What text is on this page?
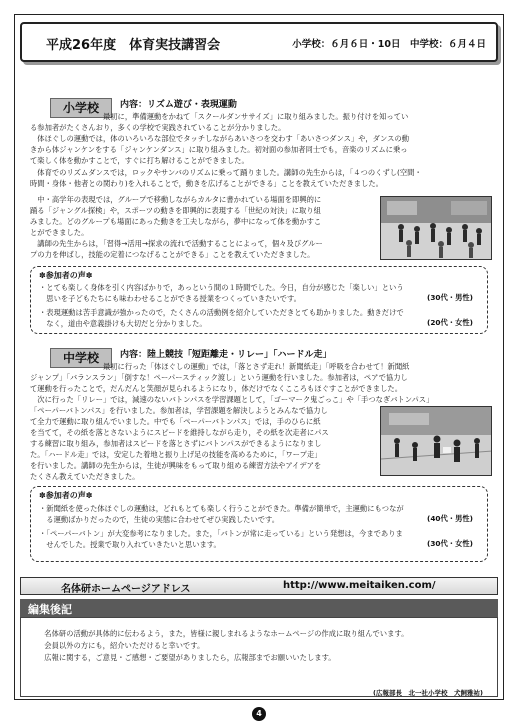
平成26年度　体育実技講習会	小学校：６月６日・10日　中学校：６月４日
小学校	内容：リズム遊び・表現運動
　　　　　　　　　　最初に，準備運動をかねて「スクールダンササイズ」に取り組みました。振り付けを知ってい
る参加者がたくさんおり，多くの学校で実践されていることが分かりました。
　体ほぐしの運動では，体のいろいろな部位でタッチしながらあいさつを交わす「あいさつダンス」や，ダンスの動
きから体ジャンケンをする「ジャンケンダンス」に取り組みました。初対面の参加者同士でも，音楽のリズムに乗っ
て楽しく体を動かすことで，すぐに打ち解けることができました。
　体育でのリズムダンスでは，ロックやサンバのリズムに乗って踊りました。講師の先生からは，「４つのくずし(空間・
時間・身体・他者との関わり)を入れることで，動きを広げることができる」ことを教えていただきました。
　中・高学年の表現では，グループで移動しながらカルタに書かれている場面を即興的に
踊る「ジャングル探検」や，スポーツの動きを即興的に表現する「世紀の対決」に取り組
みました。どのグループも場面にあった動きを工夫しながら，夢中になって体を動かすこ
とができました。
　講師の先生からは，「習得→活用→探求の流れで活動することによって，個々及びグルー
プの力を伸ばし，技能の定着につなげることができる」ことを教えていただきました。
✽参加者の声✽
・とても楽しく身体を引く内容ばかりで，あっという間の１時間でした。今日，自分が感じた「楽しい」という
　思いを子どもたちにも味わわせることができる授業をつくっていきたいです。	(30代・男性)
・表現運動は苦手意識が強かったので，たくさんの活動例を紹介していただきとても助かりました。動きだけで
　なく，道由や意義掛けも大切だと分かりました。	(20代・女性)
中学校	内容：陸上競技「短距離走・リレー」「ハードル走」
　　　　　　　　　　最初に行った「体ほぐしの運動」では，「落とさず走れ！新聞紙走」「呼吸を合わせて！新聞紙
ジャンプ」「バランスラン」「倒すな！ペーパースティック渡し」という運動を行いました。参加者は，ペアで協力し
て運動を行ったことで，だんだんと笑顔が見られるようになり，体だけでなくこころもほぐすことができました。
　次に行った「リレー」では，減速のないバトンパスを学習課題として，「ゴーマーク鬼ごっこ」や「手つなぎバトンパス」
「ペーパーバトンパス」を行いました。参加者は，学習課題を解決しようとみんなで協力し
て全力で運動に取り組んでいました。中でも「ペーパーバトンパス」では，手のひらに紙
を当てて，その紙を落とさないようにスピードを維持しながら走り，その紙を次走者にパス
する練習に取り組み，参加者はスピードを落とさずにバトンパスができるようになりまし
た。「ハードル走」では，安定した着地と振り上げ足の技能を高めるために，「ワープ走」
を行いました。講師の先生からは，生徒が興味をもって取り組める練習方法やアイデアを
たくさん教えていただきました。
✽参加者の声✽
・新聞紙を使った体ほぐしの運動は，どれもとても楽しく行うことができた。準備が簡単で，主運動にもつなが
　る運動ばかりだったので，生徒の実態に合わせてぜひ実践したいです。	(40代・男性)
・「ペーパーバトン」が大変参考になりました。また，「バトンが常に走っている」という発想は，今までありま
　せんでした。授業で取り入れていきたいと思います。	(30代・女性)
名体研ホームページアドレス	http://www.meitaiken.com/
編集後記
　名体研の活動が具体的に伝わるよう，また，皆様に親しまれるようなホームページの作成に取り組んでいます。
　会員以外の方にも，紹介いただけると幸いです。
　広報に関する，ご意見・ご感想・ご要望がありましたら，広報部までお願いいたします。
(広報部長　北一社小学校　犬飼雅祐)
4
